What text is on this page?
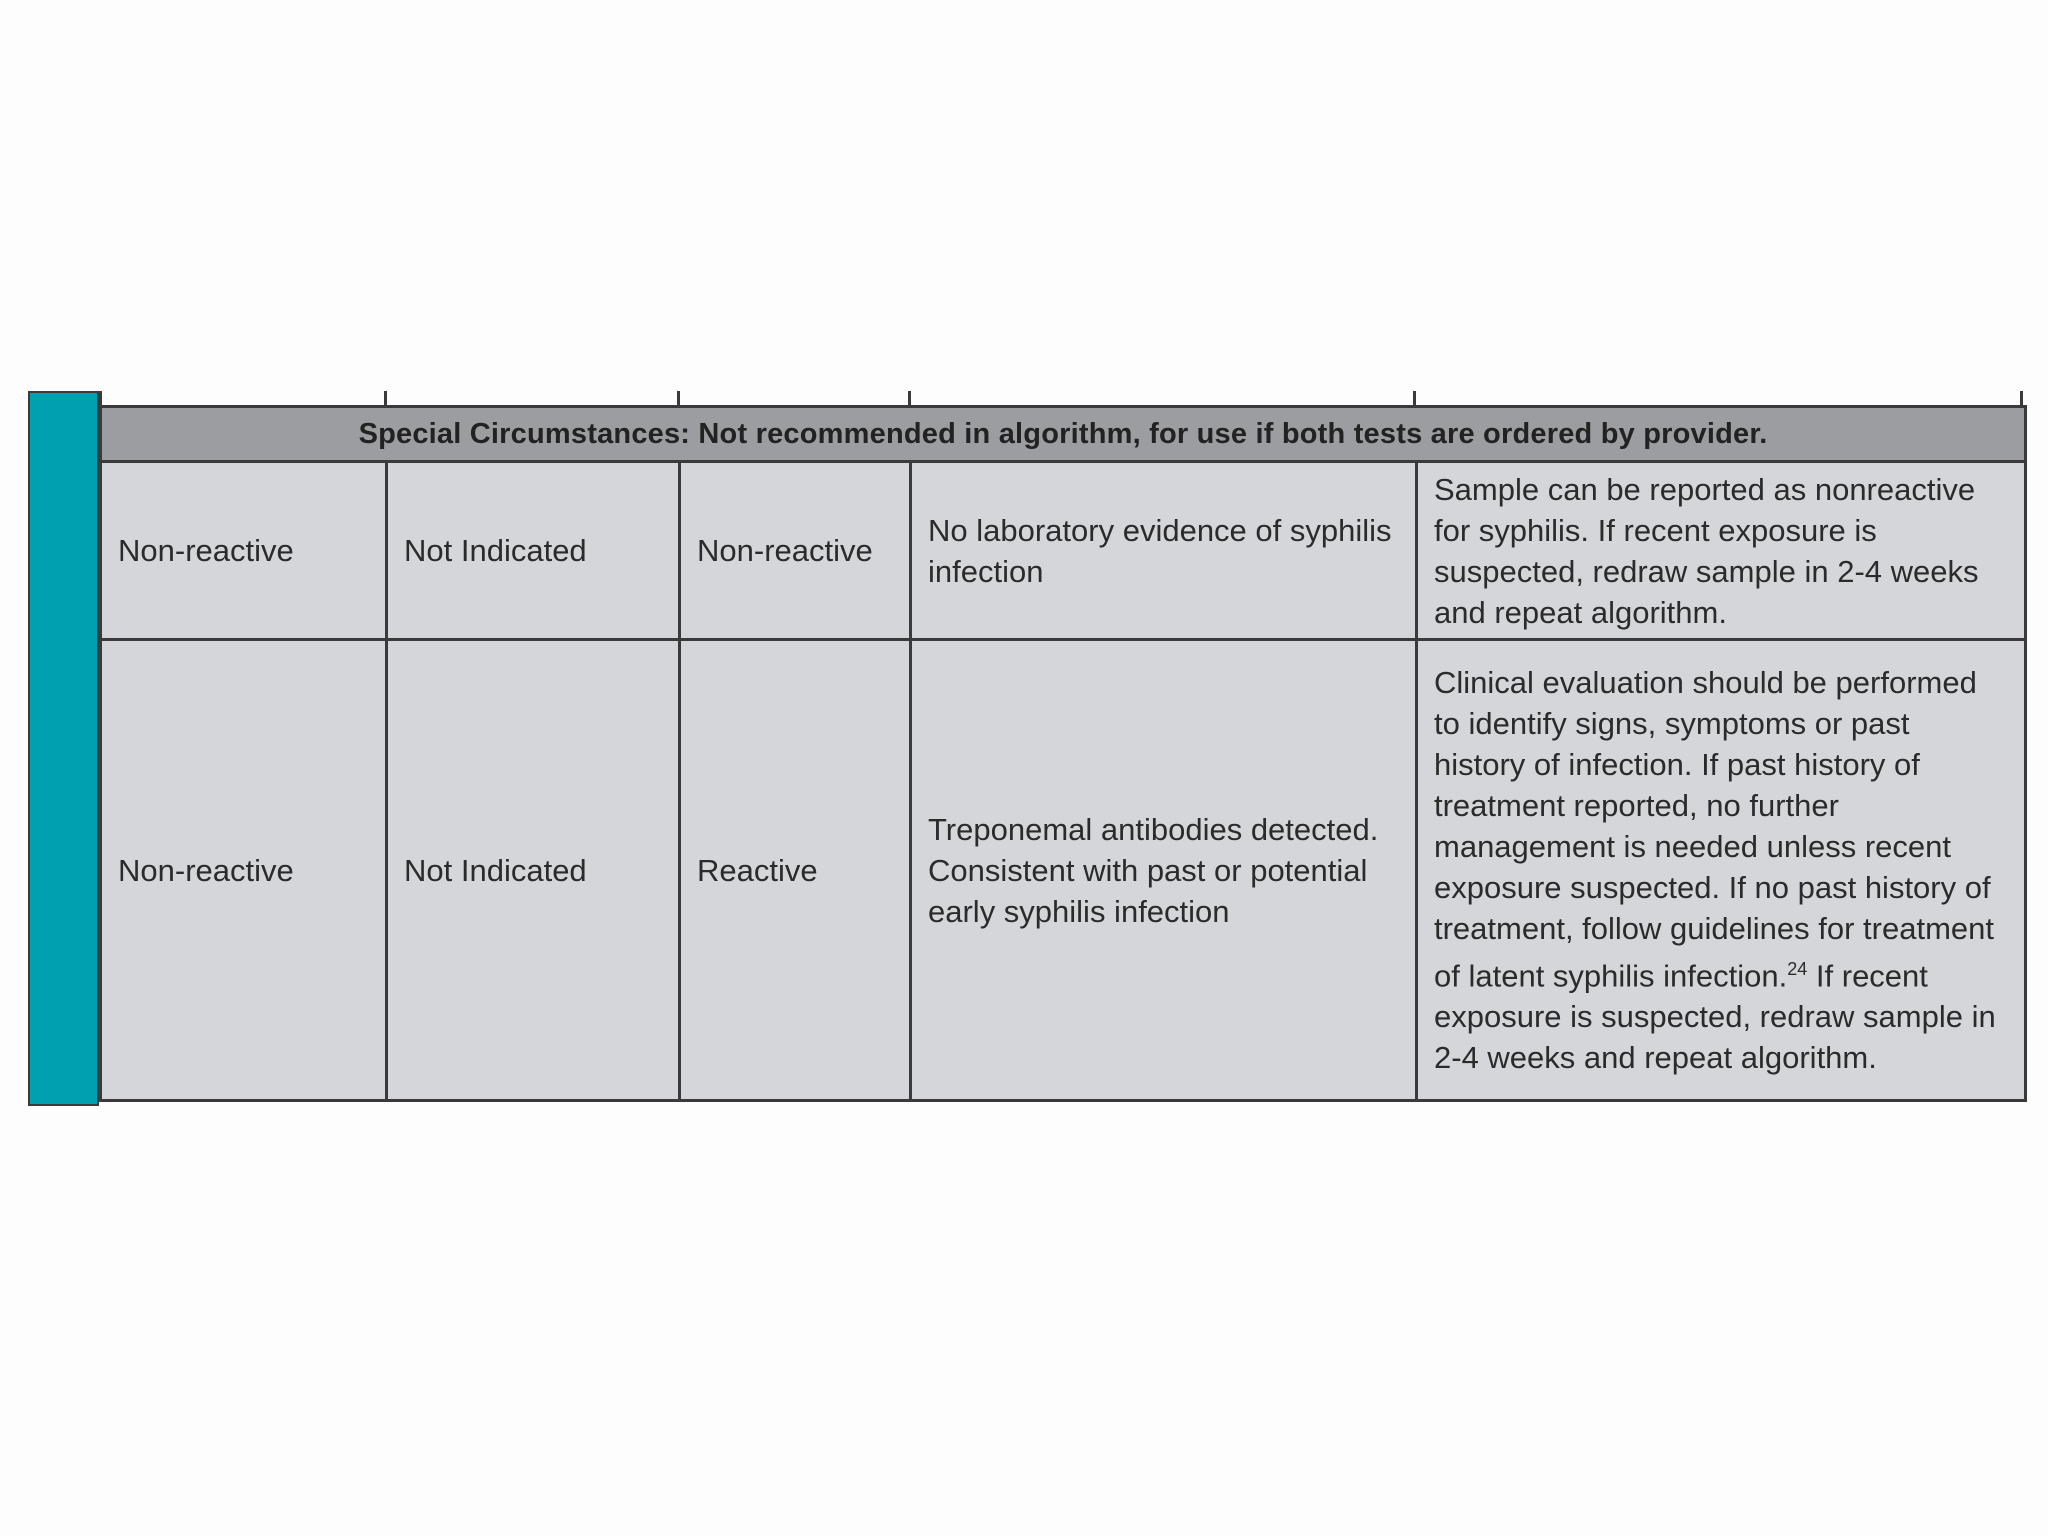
Special Circumstances: Not recommended in algorithm, for use if both tests are ordered by provider.				
Non-reactive	Not Indicated	Non-reactive	No laboratory evidence of syphilis infection	Sample can be reported as nonreactive for syphilis. If recent exposure is suspected, redraw sample in 2-4 weeks and repeat algorithm.
Non-reactive	Not Indicated	Reactive	Treponemal antibodies detected. Consistent with past or potential early syphilis infection	Clinical evaluation should be performed to identify signs, symptoms or past history of infection. If past history of treatment reported, no further management is needed unless recent exposure suspected. If no past history of treatment, follow guidelines for treatment of latent syphilis infection.$^{24}$ If recent exposure is suspected, redraw sample in 2-4 weeks and repeat algorithm.
